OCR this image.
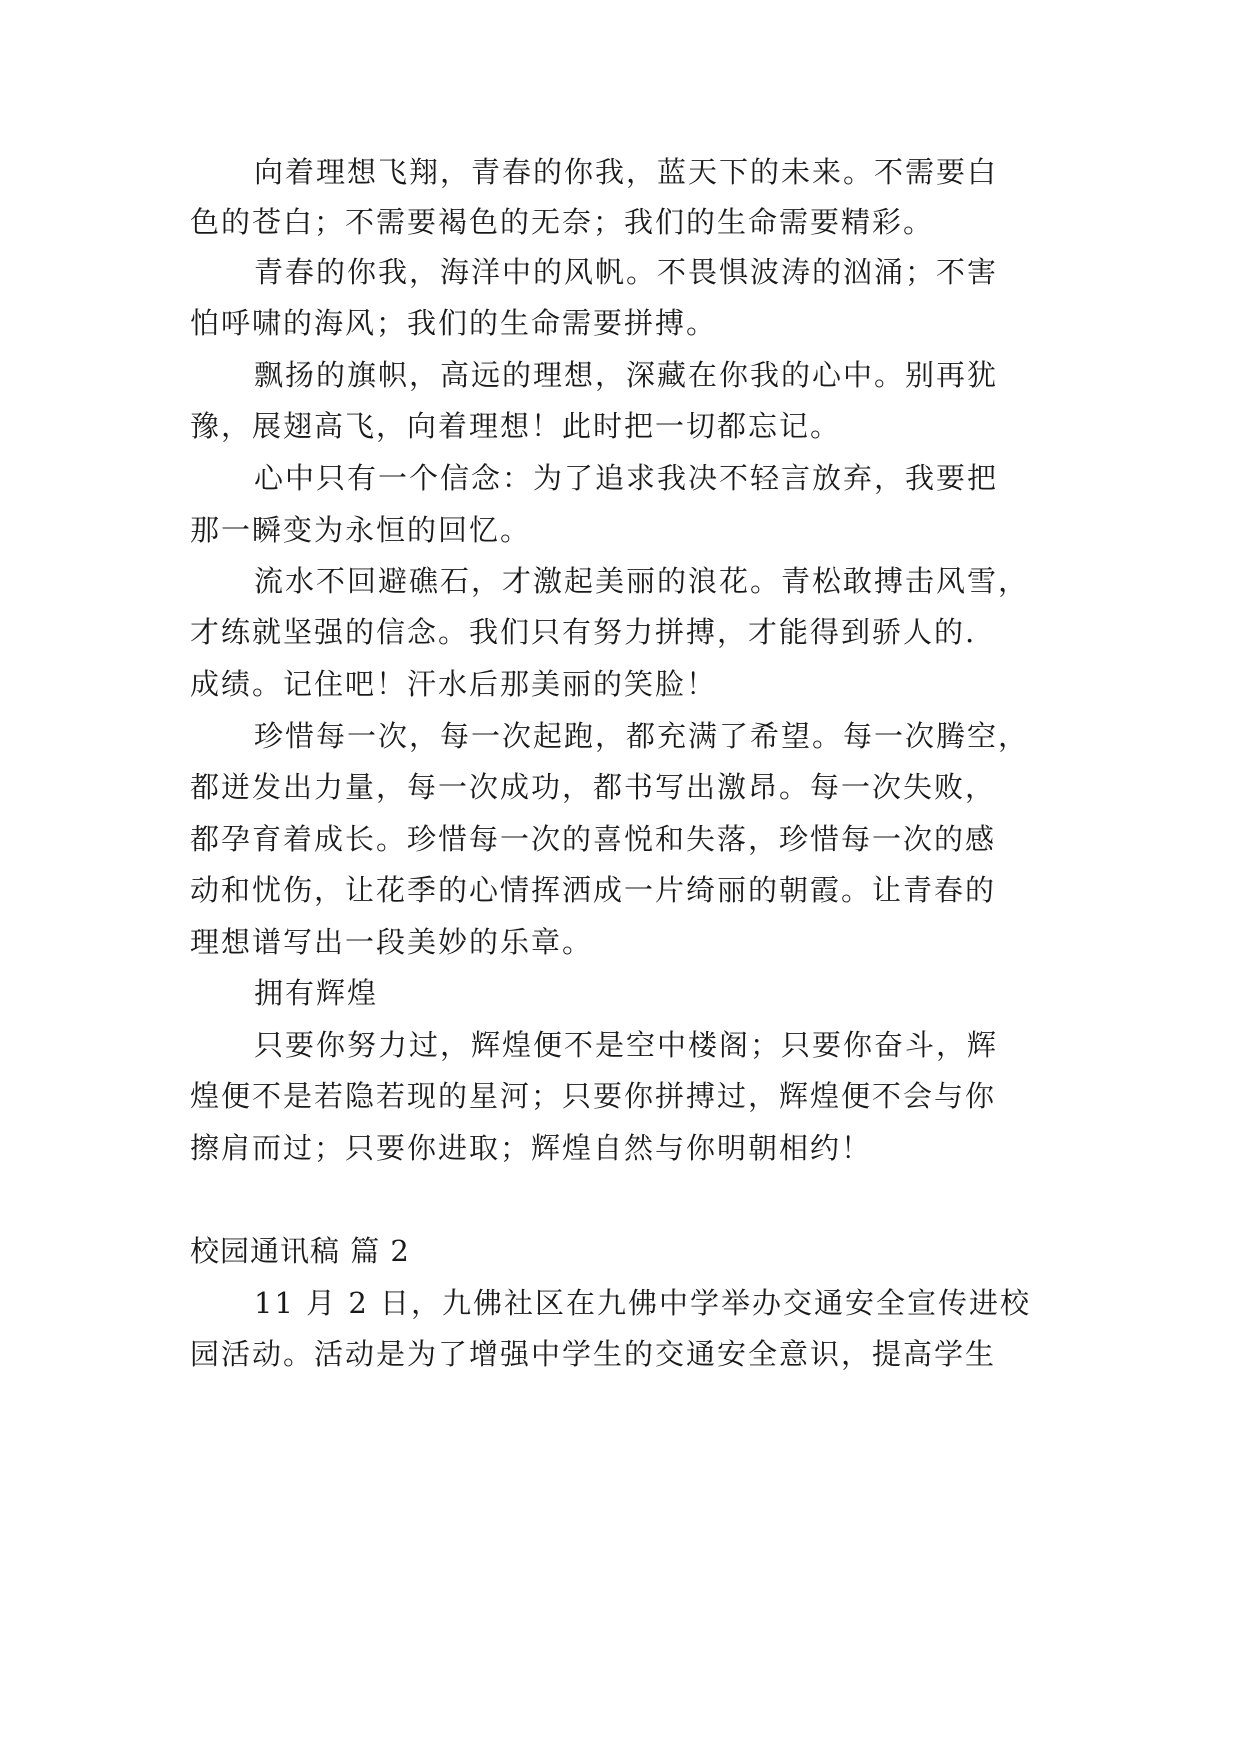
向着理想飞翔，青春的你我，蓝天下的未来。不需要白
色的苍白；不需要褐色的无奈；我们的生命需要精彩。
青春的你我，海洋中的风帆。不畏惧波涛的汹涌；不害
怕呼啸的海风；我们的生命需要拼搏。
飘扬的旗帜，高远的理想，深藏在你我的心中。别再犹
豫，展翅高飞，向着理想！此时把一切都忘记。
心中只有一个信念：为了追求我决不轻言放弃，我要把
那一瞬变为永恒的回忆。
流水不回避礁石，才激起美丽的浪花。青松敢搏击风雪，
才练就坚强的信念。我们只有努力拼搏，才能得到骄人的.
成绩。记住吧！汗水后那美丽的笑脸！
珍惜每一次，每一次起跑，都充满了希望。每一次腾空，
都迸发出力量，每一次成功，都书写出激昂。每一次失败，
都孕育着成长。珍惜每一次的喜悦和失落，珍惜每一次的感
动和忧伤，让花季的心情挥洒成一片绮丽的朝霞。让青春的
理想谱写出一段美妙的乐章。
拥有辉煌
只要你努力过，辉煌便不是空中楼阁；只要你奋斗，辉
煌便不是若隐若现的星河；只要你拼搏过，辉煌便不会与你
擦肩而过；只要你进取；辉煌自然与你明朝相约！
校园通讯稿 篇 2
11 月 2 日，九佛社区在九佛中学举办交通安全宣传进校
园活动。活动是为了增强中学生的交通安全意识，提高学生
